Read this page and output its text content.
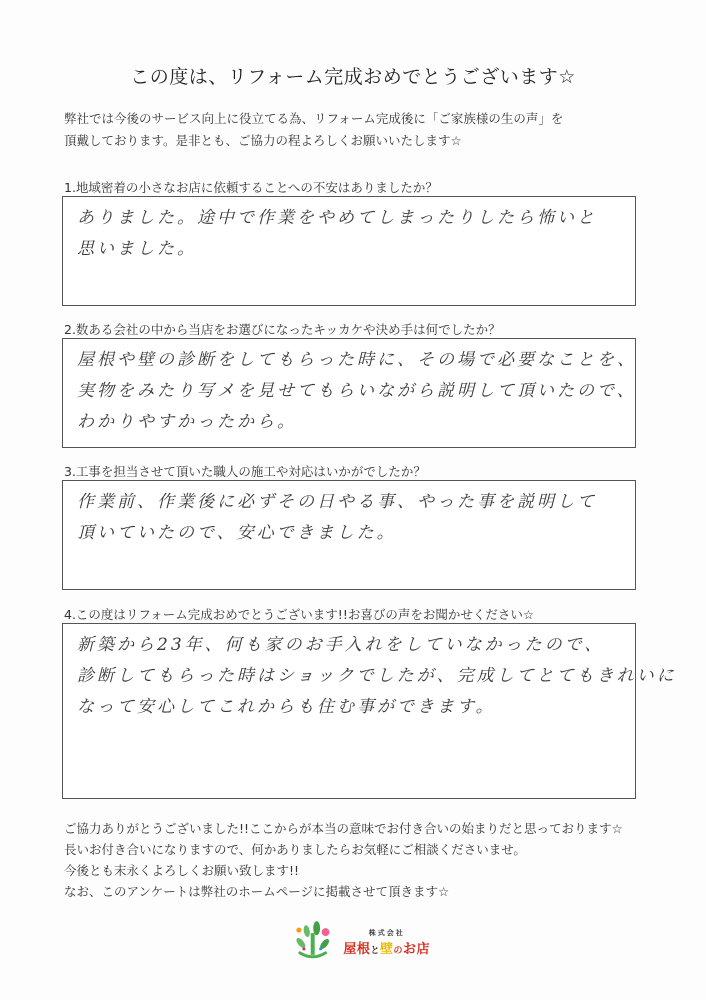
この度は、リフォーム完成おめでとうございます☆
弊社では今後のサービス向上に役立てる為、リフォーム完成後に「ご家族様の生の声」を
頂戴しております。是非とも、ご協力の程よろしくお願いいたします☆
1.地域密着の小さなお店に依頼することへの不安はありましたか？
ありました。途中で作業をやめてしまったりしたら怖いと
思いました。
2.数ある会社の中から当店をお選びになったキッカケや決め手は何でしたか？
屋根や壁の診断をしてもらった時に、その場で必要なことを、
実物をみたり写メを見せてもらいながら説明して頂いたので、
わかりやすかったから。
3.工事を担当させて頂いた職人の施工や対応はいかがでしたか？
作業前、作業後に必ずその日やる事、やった事を説明して
頂いていたので、安心できました。
4.この度はリフォーム完成おめでとうございます!!お喜びの声をお聞かせください☆
新築から23年、何も家のお手入れをしていなかったので、
診断してもらった時はショックでしたが、完成してとてもきれいに
なって安心してこれからも住む事ができます。
ご協力ありがとうございました!!ここからが本当の意味でお付き合いの始まりだと思っております☆
長いお付き合いになりますので、何かありましたらお気軽にご相談くださいませ。
今後とも末永くよろしくお願い致します!!
なお、このアンケートは弊社のホームページに掲載させて頂きます☆
株式会社
屋根と壁のお店
